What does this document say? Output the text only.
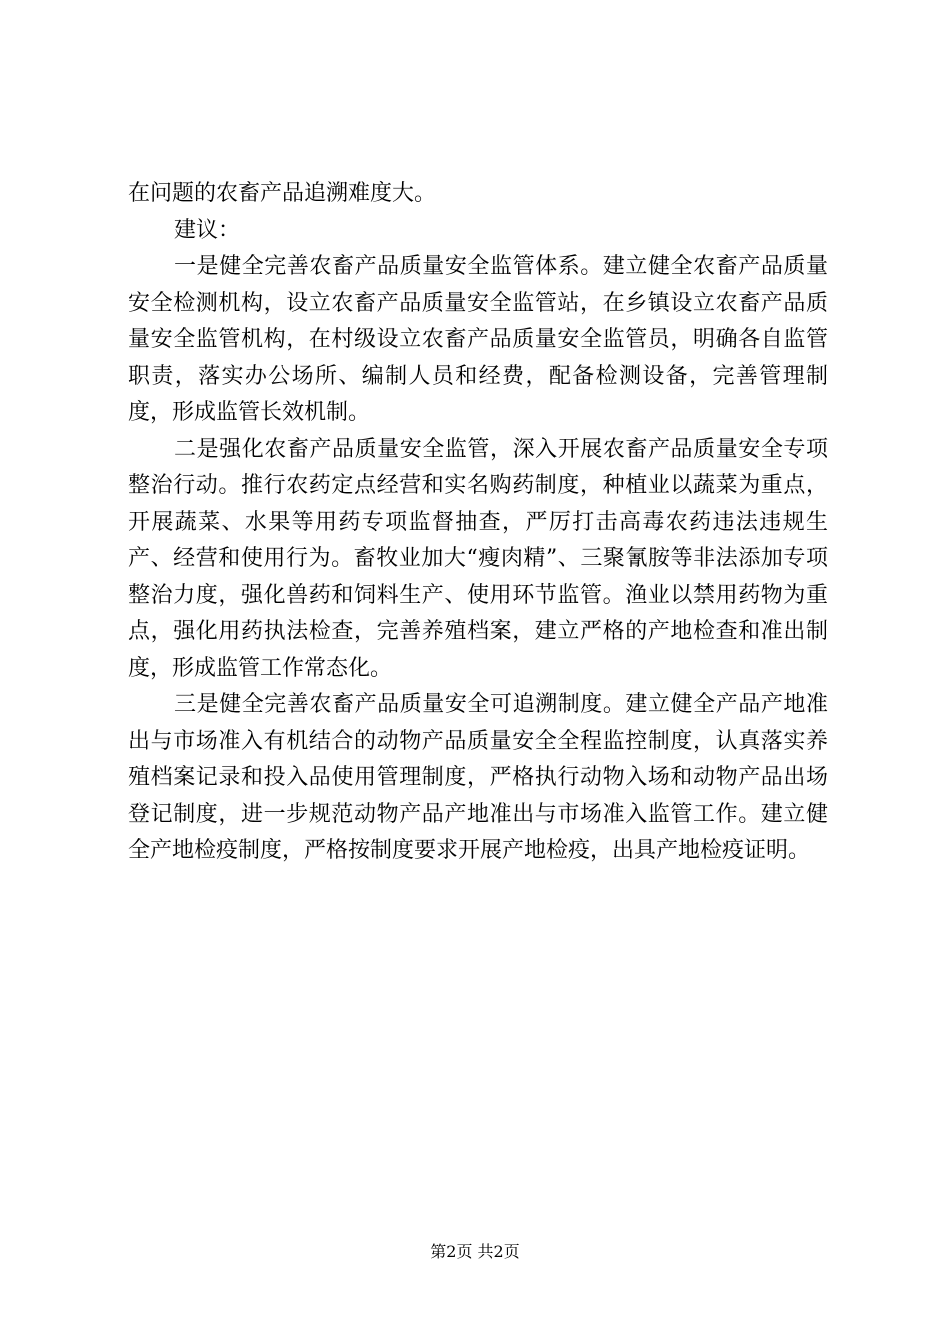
在问题的农畜产品追溯难度大。

建议：

一是健全完善农畜产品质量安全监管体系。建立健全农畜产品质量安全检测机构，设立农畜产品质量安全监管站，在乡镇设立农畜产品质量安全监管机构，在村级设立农畜产品质量安全监管员，明确各自监管职责，落实办公场所、编制人员和经费，配备检测设备，完善管理制度，形成监管长效机制。

二是强化农畜产品质量安全监管，深入开展农畜产品质量安全专项整治行动。推行农药定点经营和实名购药制度，种植业以蔬菜为重点，开展蔬菜、水果等用药专项监督抽查，严厉打击高毒农药违法违规生产、经营和使用行为。畜牧业加大“瘦肉精”、三聚氰胺等非法添加专项整治力度，强化兽药和饲料生产、使用环节监管。渔业以禁用药物为重点，强化用药执法检查，完善养殖档案，建立严格的产地检查和准出制度，形成监管工作常态化。

三是健全完善农畜产品质量安全可追溯制度。建立健全产品产地准出与市场准入有机结合的动物产品质量安全全程监控制度，认真落实养殖档案记录和投入品使用管理制度，严格执行动物入场和动物产品出场登记制度，进一步规范动物产品产地准出与市场准入监管工作。建立健全产地检疫制度，严格按制度要求开展产地检疫，出具产地检疫证明。

第2页 共2页
